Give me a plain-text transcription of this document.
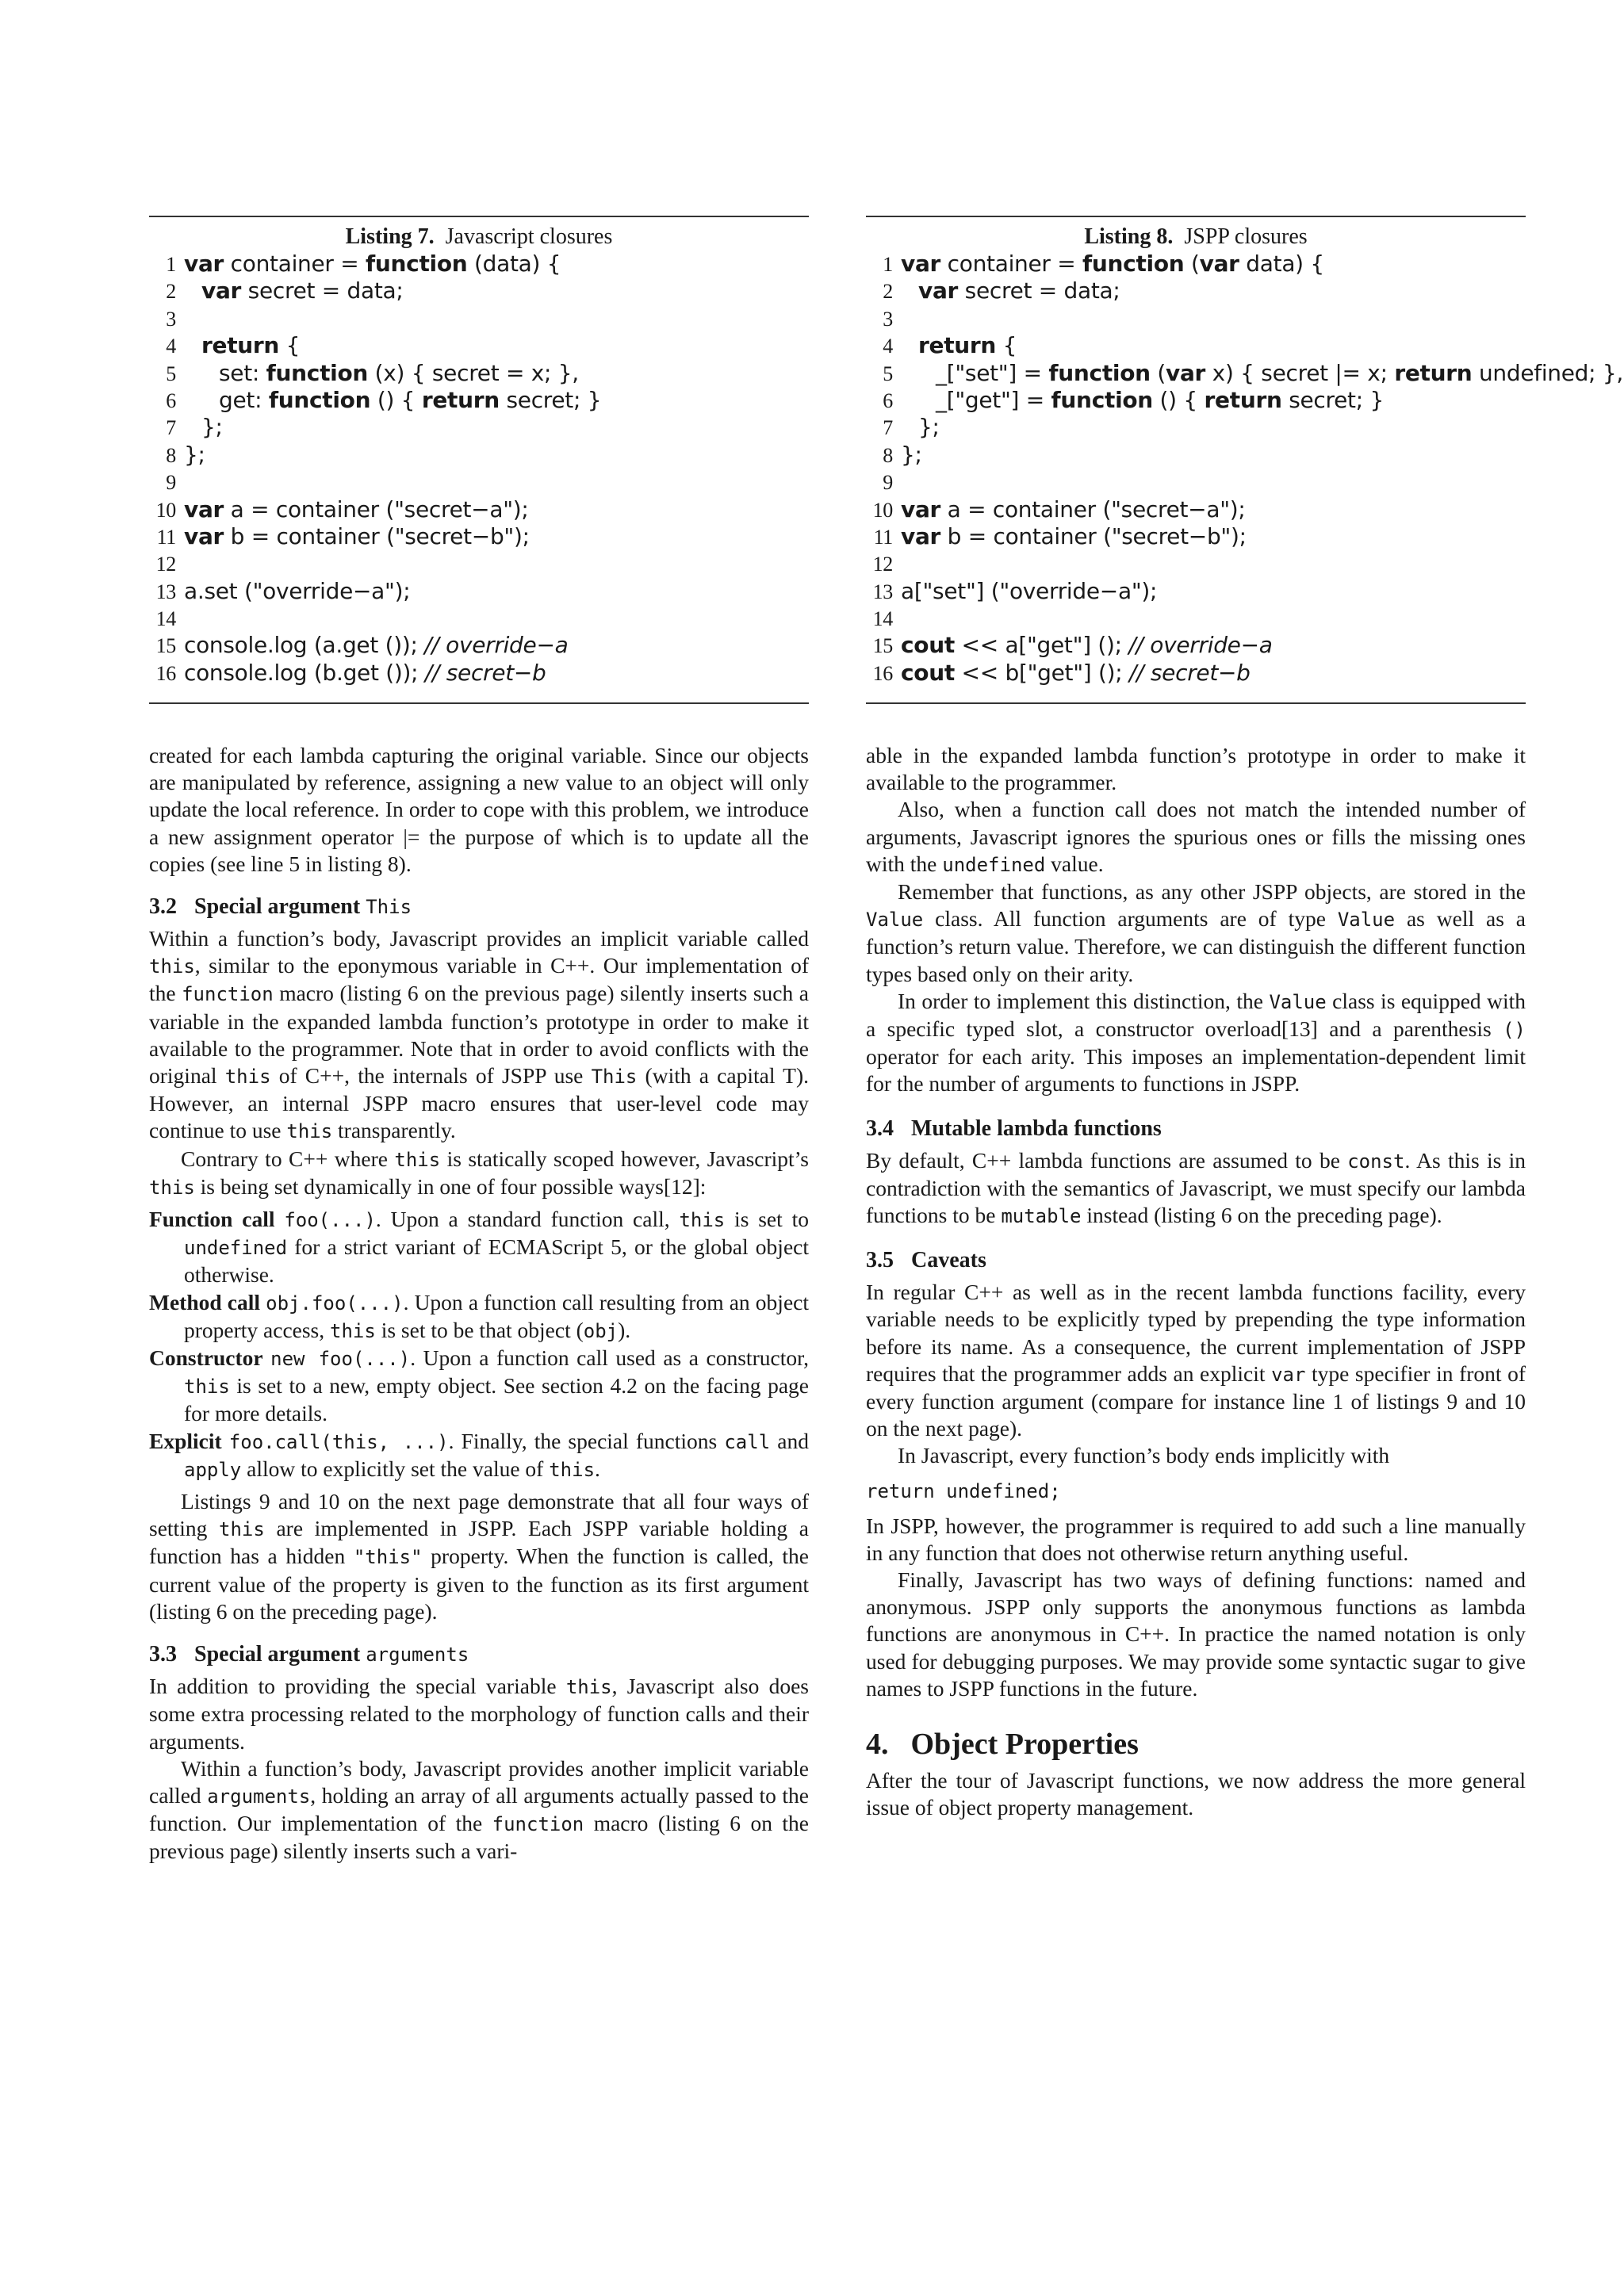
Listing 7. Javascript closures
1 var container = function (data) {
2 var secret = data;
3
4 return {
5 set: function (x) { secret = x; },
6 get: function () { return secret; }
7 };
8 };
9
10 var a = container ("secret−a");
11 var b = container ("secret−b");
12
13 a.set ("override−a");
14
15 console.log (a.get ()); // override−a
16 console.log (b.get ()); // secret−b

created for each lambda capturing the original variable. Since our objects are manipulated by reference, assigning a new value to an object will only update the local reference. In order to cope with this problem, we introduce a new assignment operator |= the purpose of which is to update all the copies (see line 5 in listing 8).

3.2 Special argument This

Within a function’s body, Javascript provides an implicit variable called this, similar to the eponymous variable in C++. Our implementation of the function macro (listing 6 on the previous page) silently inserts such a variable in the expanded lambda function’s prototype in order to make it available to the programmer. Note that in order to avoid conflicts with the original this of C++, the internals of JSPP use This (with a capital T). However, an internal JSPP macro ensures that user-level code may continue to use this transparently.

Contrary to C++ where this is statically scoped however, Javascript’s this is being set dynamically in one of four possible ways[12]:

Function call foo(...). Upon a standard function call, this is set to undefined for a strict variant of ECMAScript 5, or the global object otherwise.

Method call obj.foo(...). Upon a function call resulting from an object property access, this is set to be that object (obj).

Constructor new foo(...). Upon a function call used as a constructor, this is set to a new, empty object. See section 4.2 on the facing page for more details.

Explicit foo.call(this, ...). Finally, the special functions call and apply allow to explicitly set the value of this.

Listings 9 and 10 on the next page demonstrate that all four ways of setting this are implemented in JSPP. Each JSPP variable holding a function has a hidden "this" property. When the function is called, the current value of the property is given to the function as its first argument (listing 6 on the preceding page).

3.3 Special argument arguments

In addition to providing the special variable this, Javascript also does some extra processing related to the morphology of function calls and their arguments.

Within a function’s body, Javascript provides another implicit variable called arguments, holding an array of all arguments actually passed to the function. Our implementation of the function macro (listing 6 on the previous page) silently inserts such a vari-

Listing 8. JSPP closures
1 var container = function (var data) {
2 var secret = data;
3
4 return {
5 _["set"] = function (var x) { secret |= x; return undefined; },
6 _["get"] = function () { return secret; }
7 };
8 };
9
10 var a = container ("secret−a");
11 var b = container ("secret−b");
12
13 a["set"] ("override−a");
14
15 cout << a["get"] (); // override−a
16 cout << b["get"] (); // secret−b

able in the expanded lambda function’s prototype in order to make it available to the programmer.

Also, when a function call does not match the intended number of arguments, Javascript ignores the spurious ones or fills the missing ones with the undefined value.

Remember that functions, as any other JSPP objects, are stored in the Value class. All function arguments are of type Value as well as a function’s return value. Therefore, we can distinguish the different function types based only on their arity.

In order to implement this distinction, the Value class is equipped with a specific typed slot, a constructor overload[13] and a parenthesis () operator for each arity. This imposes an implementation-dependent limit for the number of arguments to functions in JSPP.

3.4 Mutable lambda functions

By default, C++ lambda functions are assumed to be const. As this is in contradiction with the semantics of Javascript, we must specify our lambda functions to be mutable instead (listing 6 on the preceding page).

3.5 Caveats

In regular C++ as well as in the recent lambda functions facility, every variable needs to be explicitly typed by prepending the type information before its name. As a consequence, the current implementation of JSPP requires that the programmer adds an explicit var type specifier in front of every function argument (compare for instance line 1 of listings 9 and 10 on the next page).

In Javascript, every function’s body ends implicitly with

return undefined;

In JSPP, however, the programmer is required to add such a line manually in any function that does not otherwise return anything useful.

Finally, Javascript has two ways of defining functions: named and anonymous. JSPP only supports the anonymous functions as lambda functions are anonymous in C++. In practice the named notation is only used for debugging purposes. We may provide some syntactic sugar to give names to JSPP functions in the future.

4. Object Properties

After the tour of Javascript functions, we now address the more general issue of object property management.
